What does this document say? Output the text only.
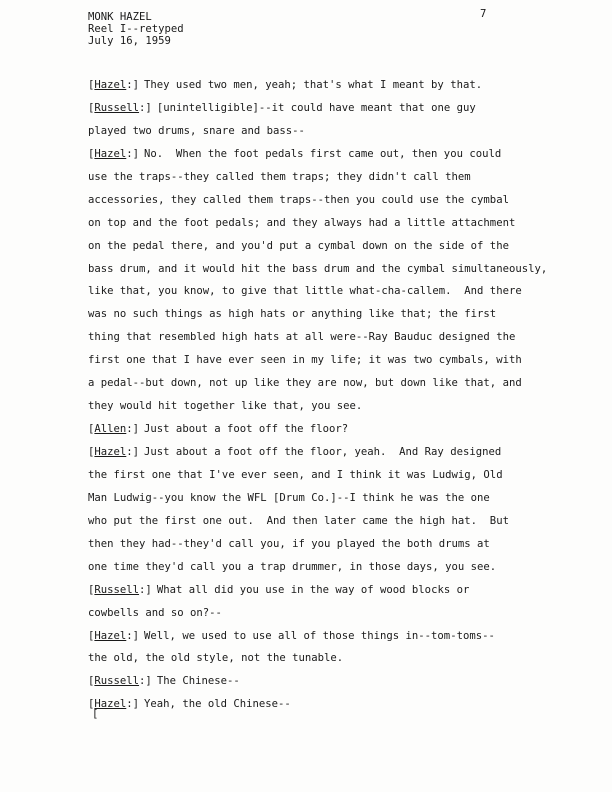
MONK HAZEL
Reel I--retyped
July 16, 1959
7
[Hazel:] They used two men, yeah; that's what I meant by that.
[Russell:] [unintelligible]--it could have meant that one guy
played two drums, snare and bass--
[Hazel:] No.  When the foot pedals first came out, then you could
use the traps--they called them traps; they didn't call them
accessories, they called them traps--then you could use the cymbal
on top and the foot pedals; and they always had a little attachment
on the pedal there, and you'd put a cymbal down on the side of the
bass drum, and it would hit the bass drum and the cymbal simultaneously,
like that, you know, to give that little what-cha-callem.  And there
was no such things as high hats or anything like that; the first
thing that resembled high hats at all were--Ray Bauduc designed the
first one that I have ever seen in my life; it was two cymbals, with
a pedal--but down, not up like they are now, but down like that, and
they would hit together like that, you see.
[Allen:] Just about a foot off the floor?
[Hazel:] Just about a foot off the floor, yeah.  And Ray designed
the first one that I've ever seen, and I think it was Ludwig, Old
Man Ludwig--you know the WFL [Drum Co.]--I think he was the one
who put the first one out.  And then later came the high hat.  But
then they had--they'd call you, if you played the both drums at
one time they'd call you a trap drummer, in those days, you see.
[Russell:] What all did you use in the way of wood blocks or
cowbells and so on?--
[Hazel:] Well, we used to use all of those things in--tom-toms--
the old, the old style, not the tunable.
[Russell:] The Chinese--
[Hazel:] Yeah, the old Chinese--
[
